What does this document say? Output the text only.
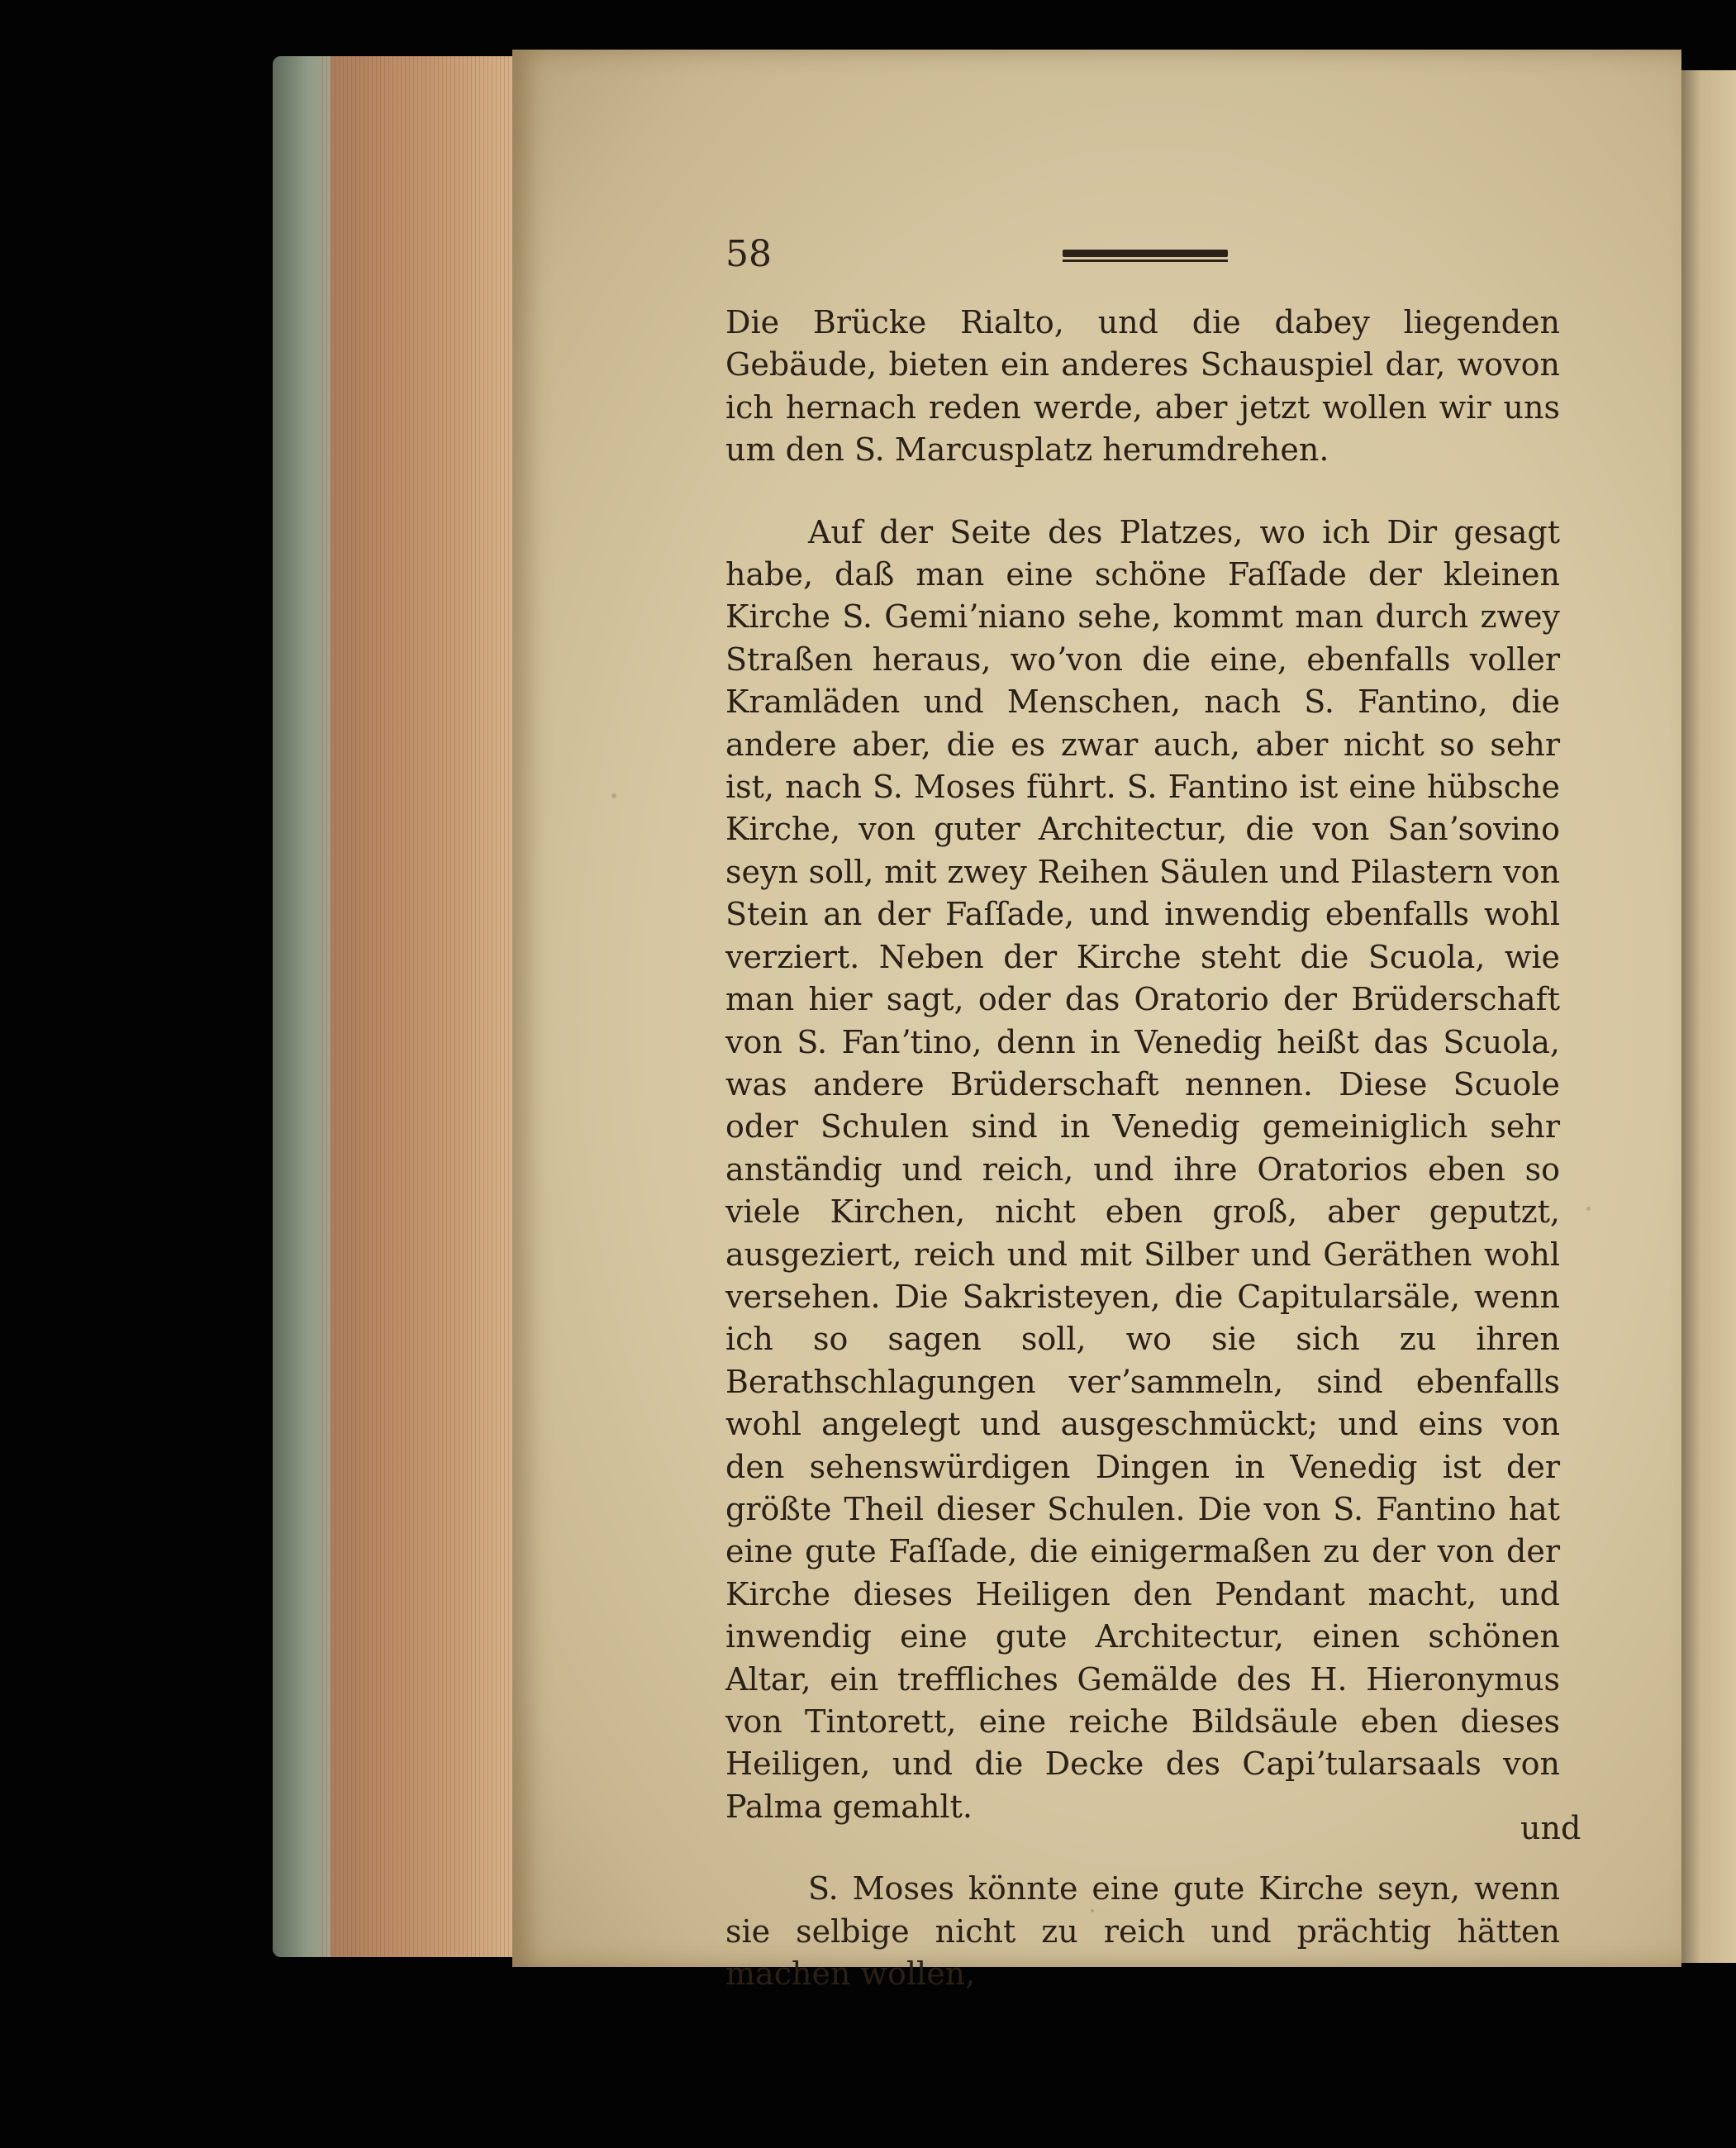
58

Die Brücke Rialto, und die dabey liegenden Gebäude, bieten ein anderes Schauspiel dar, wovon ich hernach reden werde, aber jetzt wollen wir uns um den S. Marcusplatz herumdrehen.

Auf der Seite des Platzes, wo ich Dir gesagt habe, daß man eine schöne Faſſade der kleinen Kirche S. Gemiʼniano sehe, kommt man durch zwey Straßen heraus, woʼvon die eine, ebenfalls voller Kramläden und Menschen, nach S. Fantino, die andere aber, die es zwar auch, aber nicht so sehr ist, nach S. Moses führt. S. Fantino ist eine hübsche Kirche, von guter Architectur, die von Sanʼsovino seyn soll, mit zwey Reihen Säulen und Pilastern von Stein an der Faſſade, und inwendig ebenfalls wohl verziert. Neben der Kirche steht die Scuola, wie man hier sagt, oder das Oratorio der Brüderschaft von S. Fanʼtino, denn in Venedig heißt das Scuola, was andere Brüderschaft nennen. Diese Scuole oder Schulen sind in Venedig gemeiniglich sehr anständig und reich, und ihre Oratorios eben so viele Kirchen, nicht eben groß, aber geputzt, ausgeziert, reich und mit Silber und Geräthen wohl versehen. Die Sakristeyen, die Capitularsäle, wenn ich so sagen soll, wo sie sich zu ihren Berathschlagungen verʼsammeln, sind ebenfalls wohl angelegt und ausgeschmückt; und eins von den sehenswürdigen Dingen in Venedig ist der größte Theil dieser Schulen. Die von S. Fantino hat eine gute Faſſade, die einigermaßen zu der von der Kirche dieses Heiligen den Pendant macht, und inwendig eine gute Architectur, einen schönen Altar, ein treffliches Gemälde des H. Hieronymus von Tintorett, eine reiche Bildsäule eben dieses Heiligen, und die Decke des Capiʼtularsaals von Palma gemahlt.

S. Moses könnte eine gute Kirche seyn, wenn sie selbige nicht zu reich und prächtig hätten machen wollen,

und
